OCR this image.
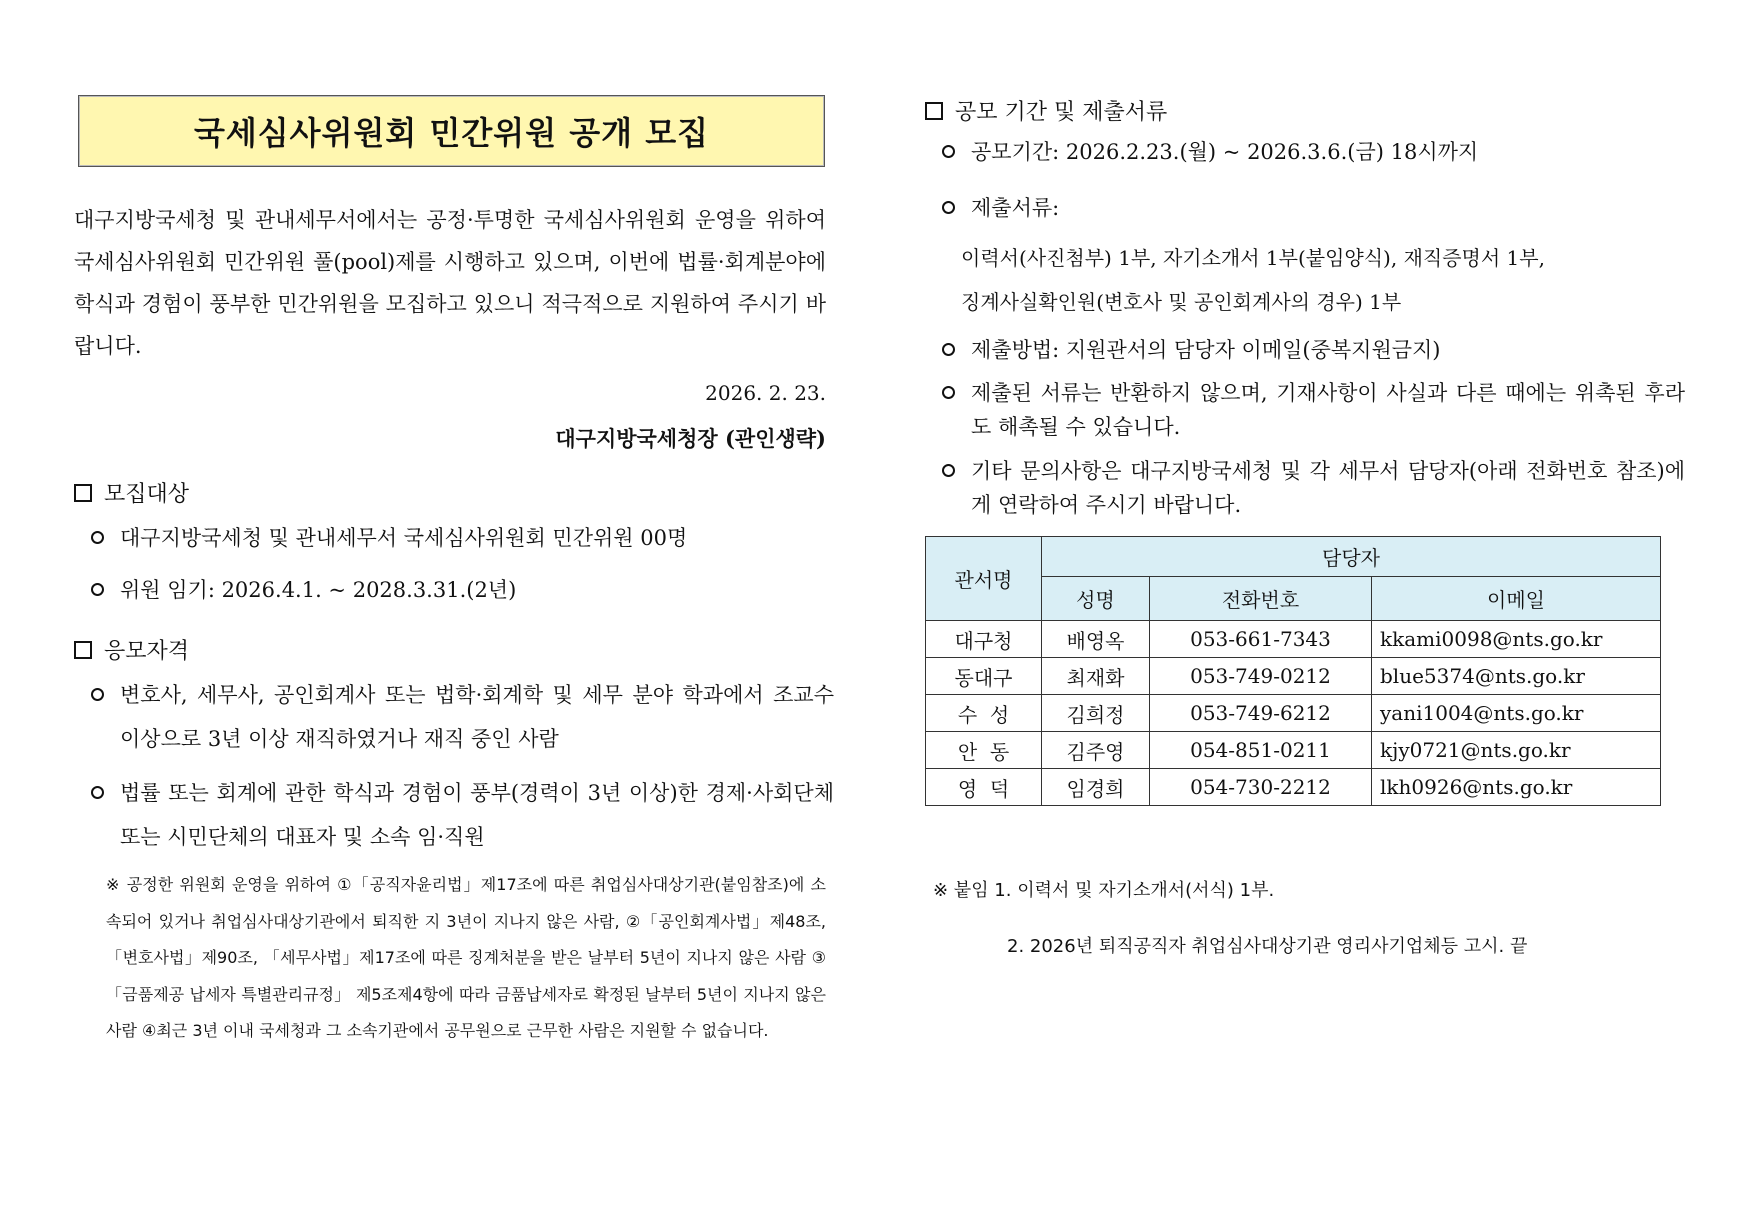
국세심사위원회 민간위원 공개 모집
대구지방국세청 및 관내세무서에서는 공정·투명한 국세심사위원회 운영을 위하여 국세심사위원회 민간위원 풀(pool)제를 시행하고 있으며, 이번에 법률·회계분야에 학식과 경험이 풍부한 민간위원을 모집하고 있으니 적극적으로 지원하여 주시기 바랍니다.
2026. 2. 23.
대구지방국세청장 (관인생략)
모집대상
대구지방국세청 및 관내세무서 국세심사위원회 민간위원 00명
위원 임기: 2026.4.1. ~ 2028.3.31.(2년)
응모자격
변호사, 세무사, 공인회계사 또는 법학·회계학 및 세무 분야 학과에서 조교수 이상으로 3년 이상 재직하였거나 재직 중인 사람
법률 또는 회계에 관한 학식과 경험이 풍부(경력이 3년 이상)한 경제·사회단체 또는 시민단체의 대표자 및 소속 임·직원
※ 공정한 위원회 운영을 위하여 ①「공직자윤리법」제17조에 따른 취업심사대상기관(붙임참조)에 소속되어 있거나 취업심사대상기관에서 퇴직한 지 3년이 지나지 않은 사람, ②「공인회계사법」제48조, 「변호사법」제90조, 「세무사법」제17조에 따른 징계처분을 받은 날부터 5년이 지나지 않은 사람 ③ 「금품제공 납세자 특별관리규정」 제5조제4항에 따라 금품납세자로 확정된 날부터 5년이 지나지 않은 사람 ④최근 3년 이내 국세청과 그 소속기관에서 공무원으로 근무한 사람은 지원할 수 없습니다.
공모 기간 및 제출서류
공모기간: 2026.2.23.(월) ~ 2026.3.6.(금) 18시까지
제출서류:
이력서(사진첨부) 1부, 자기소개서 1부(붙임양식), 재직증명서 1부,
징계사실확인원(변호사 및 공인회계사의 경우) 1부
제출방법: 지원관서의 담당자 이메일(중복지원금지)
제출된 서류는 반환하지 않으며, 기재사항이 사실과 다른 때에는 위촉된 후라도 해촉될 수 있습니다.
기타 문의사항은 대구지방국세청 및 각 세무서 담당자(아래 전화번호 참조)에게 연락하여 주시기 바랍니다.
관서명	담당자		
	성명	전화번호	이메일
대구청	배영옥	053-661-7343	kkami0098@nts.go.kr
동대구	최재화	053-749-0212	blue5374@nts.go.kr
수  성	김희정	053-749-6212	yani1004@nts.go.kr
안  동	김주영	054-851-0211	kjy0721@nts.go.kr
영  덕	임경희	054-730-2212	lkh0926@nts.go.kr
※ 붙임 1. 이력서 및 자기소개서(서식) 1부.
2. 2026년 퇴직공직자 취업심사대상기관 영리사기업체등 고시. 끝
